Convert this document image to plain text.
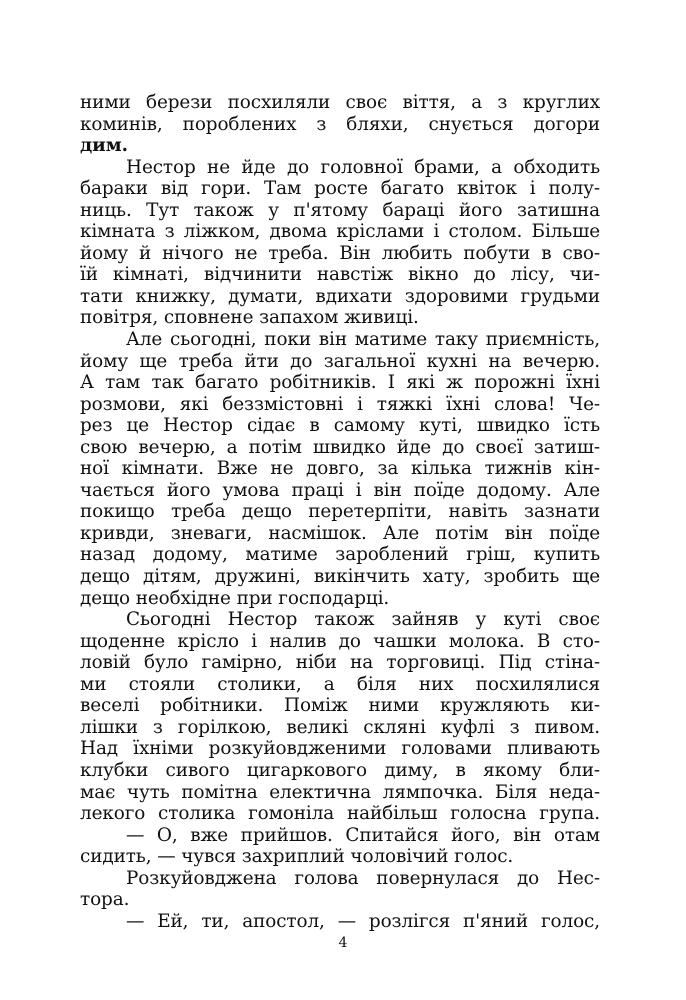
ними берези посхиляли своє віття, а з круглих
коминів, пороблених з бляхи, снується догори
дим.
Нестор не йде до головної брами, а обходить
бараки від гори. Там росте багато квіток і полу-
ниць. Тут також у п'ятому бараці його затишна
кімната з ліжком, двома кріслами і столом. Більше
йому й нічого не треба. Він любить побути в сво-
їй кімнаті, відчинити навстіж вікно до лісу, чи-
тати книжку, думати, вдихати здоровими грудьми
повітря, сповнене запахом живиці.
Але сьогодні, поки він матиме таку приємність,
йому ще треба йти до загальної кухні на вечерю.
А там так багато робітників. І які ж порожні їхні
розмови, які беззмістовні і тяжкі їхні слова! Че-
рез це Нестор сідає в самому куті, швидко їсть
свою вечерю, а потім швидко йде до своєї затиш-
ної кімнати. Вже не довго, за кілька тижнів кін-
чається його умова праці і він поїде додому. Але
покищо треба дещо перетерпіти, навіть зазнати
кривди, зневаги, насмішок. Але потім він поїде
назад додому, матиме зароблений гріш, купить
дещо дітям, дружині, викінчить хату, зробить ще
дещо необхідне при господарці.
Сьогодні Нестор також зайняв у куті своє
щоденне крісло і налив до чашки молока. В сто-
ловій було гамірно, ніби на торговиці. Під стіна-
ми стояли столики, а біля них посхилялися
веселі робітники. Поміж ними кружляють ки-
лішки з горілкою, великі скляні куфлі з пивом.
Над їхніми розкуйовдженими головами пливають
клубки сивого цигаркового диму, в якому бли-
має чуть помітна електична лямпочка. Біля неда-
лекого столика гомоніла найбільш голосна група.
— О, вже прийшов. Спитайся його, він отам
сидить, — чувся захриплий чоловічий голос.
Розкуйовджена голова повернулася до Нес-
тора.
— Ей, ти, апостол, — розлігся п'яний голос,
4
